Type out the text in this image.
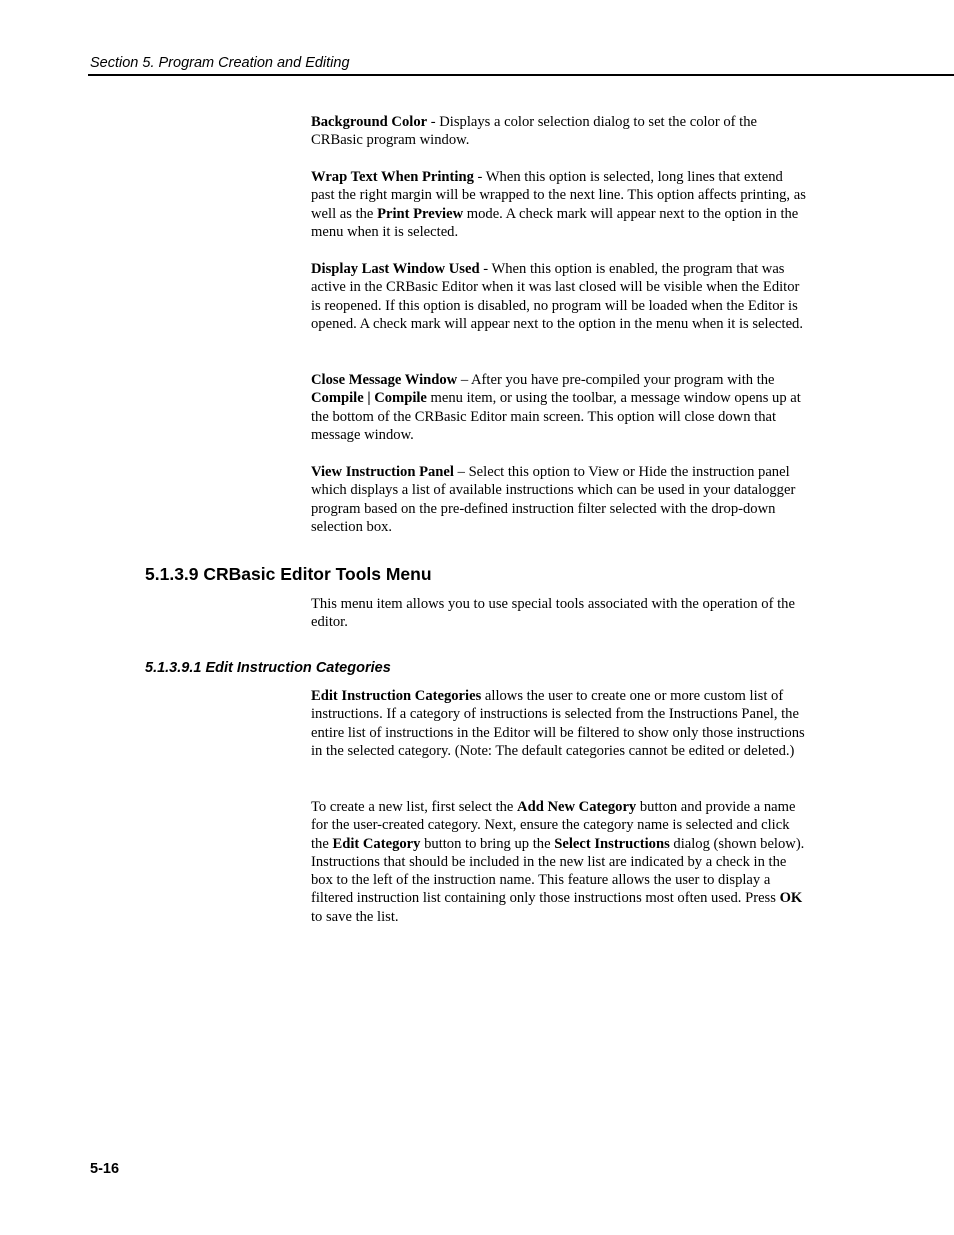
Section 5. Program Creation and Editing

Background Color - Displays a color selection dialog to set the color of the CRBasic program window.

Wrap Text When Printing - When this option is selected, long lines that extend past the right margin will be wrapped to the next line. This option affects printing, as well as the Print Preview mode. A check mark will appear next to the option in the menu when it is selected.

Display Last Window Used - When this option is enabled, the program that was active in the CRBasic Editor when it was last closed will be visible when the Editor is reopened. If this option is disabled, no program will be loaded when the Editor is opened. A check mark will appear next to the option in the menu when it is selected.

Close Message Window – After you have pre-compiled your program with the Compile | Compile menu item, or using the toolbar, a message window opens up at the bottom of the CRBasic Editor main screen. This option will close down that message window.

View Instruction Panel – Select this option to View or Hide the instruction panel which displays a list of available instructions which can be used in your datalogger program based on the pre-defined instruction filter selected with the drop-down selection box.

5.1.3.9 CRBasic Editor Tools Menu

This menu item allows you to use special tools associated with the operation of the editor.

5.1.3.9.1 Edit Instruction Categories

Edit Instruction Categories allows the user to create one or more custom list of instructions. If a category of instructions is selected from the Instructions Panel, the entire list of instructions in the Editor will be filtered to show only those instructions in the selected category. (Note: The default categories cannot be edited or deleted.)

To create a new list, first select the Add New Category button and provide a name for the user-created category. Next, ensure the category name is selected and click the Edit Category button to bring up the Select Instructions dialog (shown below). Instructions that should be included in the new list are indicated by a check in the box to the left of the instruction name. This feature allows the user to display a filtered instruction list containing only those instructions most often used. Press OK to save the list.

5-16
